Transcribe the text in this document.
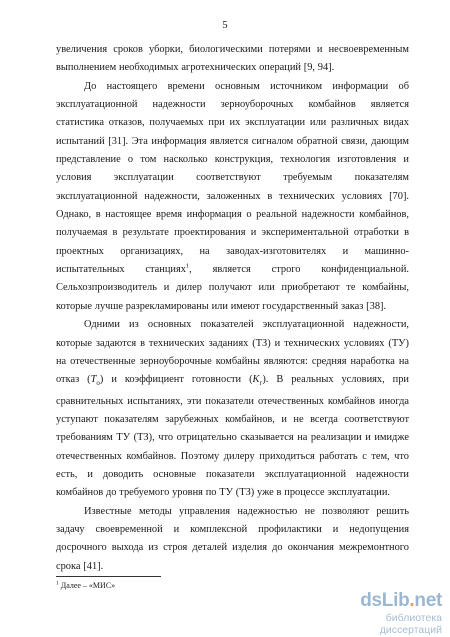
5

увеличения сроков уборки, биологическими потерями и несвоевременным выполнением необходимых агротехнических операций [9, 94].

До настоящего времени основным источником информации об эксплуатационной надежности зерноуборочных комбайнов является статистика отказов, получаемых при их эксплуатации или различных видах испытаний [31]. Эта информация является сигналом обратной связи, дающим представление о том насколько конструкция, технология изготовления и условия эксплуатации соответствуют требуемым показателям эксплуатационной надежности, заложенных в технических условиях [70]. Однако, в настоящее время информация о реальной надежности комбайнов, получаемая в результате проектирования и экспериментальной отработки в проектных организациях, на заводах-изготовителях и машинно-испытательных станциях$^1$, является строго конфиденциальной. Сельхозпроизводитель и дилер получают или приобретают те комбайны, которые лучше разрекламированы или имеют государственный заказ [38].

Одними из основных показателей эксплуатационной надежности, которые задаются в технических заданиях (ТЗ) и технических условиях (ТУ) на отечественные зерноуборочные комбайны являются: средняя наработка на отказ $(T_о)$ и коэффициент готовности $(K_г)$. В реальных условиях, при сравнительных испытаниях, эти показатели отечественных комбайнов иногда уступают показателям зарубежных комбайнов, и не всегда соответствуют требованиям ТУ (ТЗ), что отрицательно сказывается на реализации и имидже отечественных комбайнов. Поэтому дилеру приходиться работать с тем, что есть, и доводить основные показатели эксплуатационной надежности комбайнов до требуемого уровня по ТУ (ТЗ) уже в процессе эксплуатации.

Известные методы управления надежностью не позволяют решить задачу своевременной и комплексной профилактики и недопущения досрочного выхода из строя деталей изделия до окончания межремонтного срока [41].

$^1$ Далее – «МИС»
dsLib.net
библиотека диссертаций
